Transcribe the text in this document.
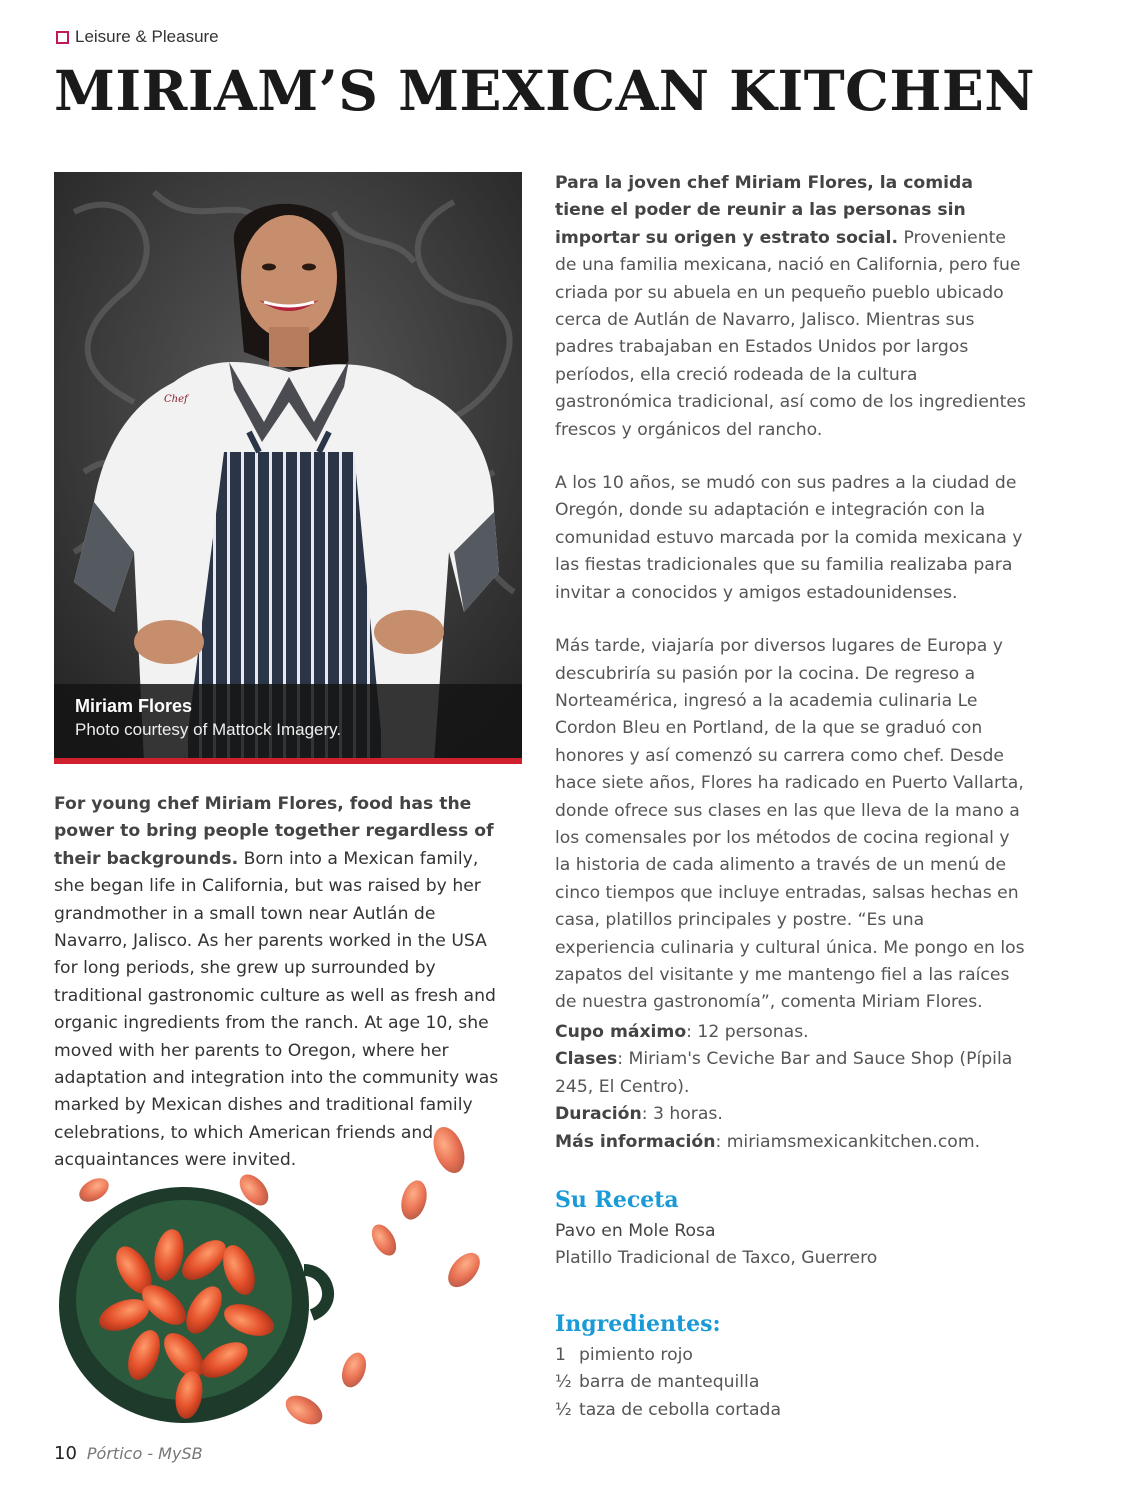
Leisure & Pleasure
MIRIAM’S MEXICAN KITCHEN
Chef
Miriam Flores
Photo courtesy of Mattock Imagery.

For young chef Miriam Flores, food has the power to bring people together regardless of their backgrounds. Born into a Mexican family, she began life in California, but was raised by her grandmother in a small town near Autlán de Navarro, Jalisco. As her parents worked in the USA for long periods, she grew up surrounded by traditional gastronomic culture as well as fresh and organic ingredients from the ranch. At age 10, she moved with her parents to Oregon, where her adaptation and integration into the community was marked by Mexican dishes and traditional family celebrations, to which American friends and acquaintances were invited.

Para la joven chef Miriam Flores, la comida tiene el poder de reunir a las personas sin importar su origen y estrato social. Proveniente de una familia mexicana, nació en California, pero fue criada por su abuela en un pequeño pueblo ubicado cerca de Autlán de Navarro, Jalisco. Mientras sus padres trabajaban en Estados Unidos por largos períodos, ella creció rodeada de la cultura gastronómica tradicional, así como de los ingredientes frescos y orgánicos del rancho.

A los 10 años, se mudó con sus padres a la ciudad de Oregón, donde su adaptación e integración con la comunidad estuvo marcada por la comida mexicana y las fiestas tradicionales que su familia realizaba para invitar a conocidos y amigos estadounidenses.

Más tarde, viajaría por diversos lugares de Europa y descubriría su pasión por la cocina. De regreso a Norteamérica, ingresó a la academia culinaria Le Cordon Bleu en Portland, de la que se graduó con honores y así comenzó su carrera como chef. Desde hace siete años, Flores ha radicado en Puerto Vallarta, donde ofrece sus clases en las que lleva de la mano a los comensales por los métodos de cocina regional y la historia de cada alimento a través de un menú de cinco tiempos que incluye entradas, salsas hechas en casa, platillos principales y postre. “Es una experiencia culinaria y cultural única. Me pongo en los zapatos del visitante y me mantengo fiel a las raíces de nuestra gastronomía”, comenta Miriam Flores.

Cupo máximo: 12 personas.
Clases: Miriam's Ceviche Bar and Sauce Shop (Pípila 245, El Centro).
Duración: 3 horas.
Más información: miriamsmexicankitchen.com.
Su Receta
Pavo en Mole Rosa
Platillo Tradicional de Taxco, Guerrero
Ingredientes:
1 pimiento rojo
½ barra de mantequilla
½ taza de cebolla cortada
10 Pórtico - MySB
